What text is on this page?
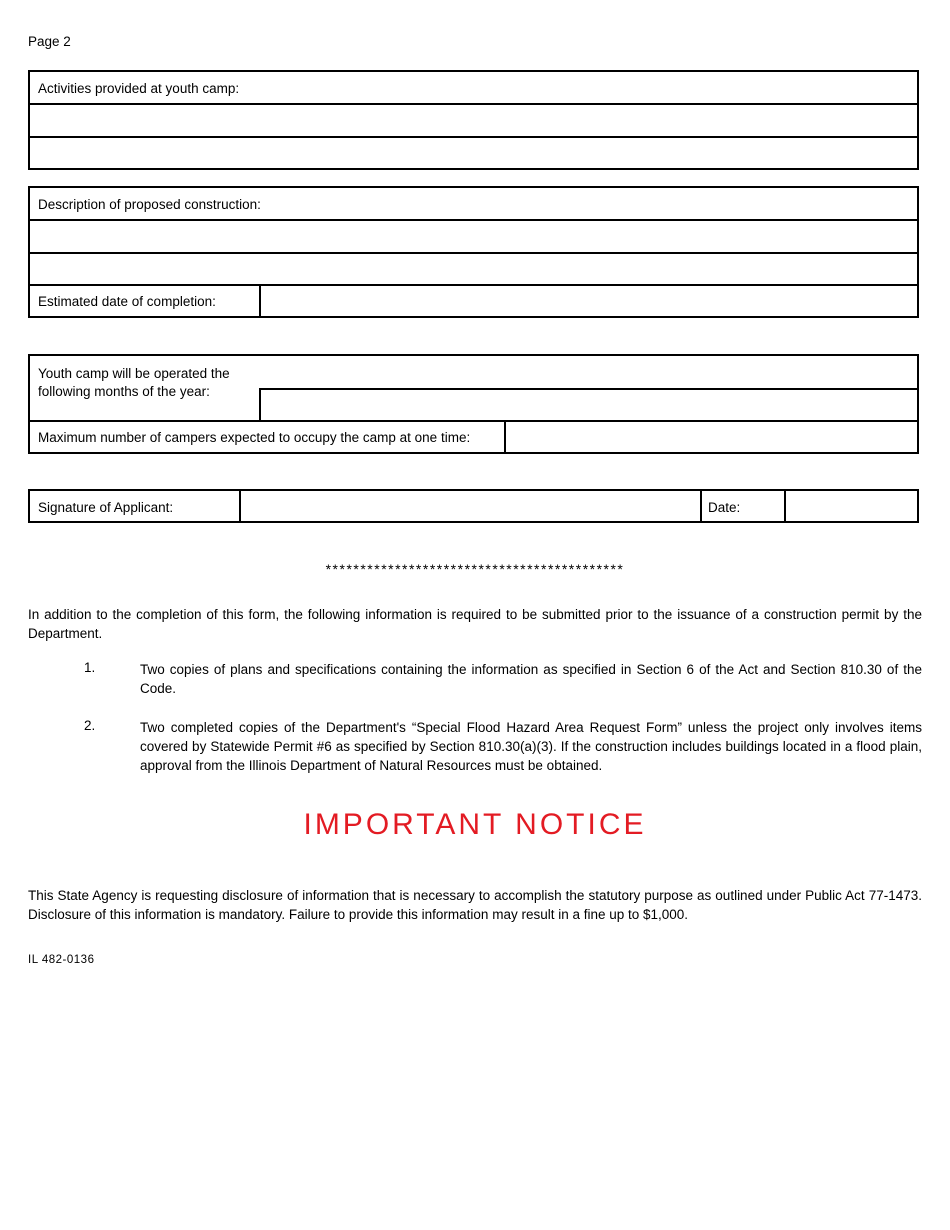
Page 2
Activities provided at youth camp:
Description of proposed construction:
Estimated date of completion:
Youth camp will be operated the following months of the year:
Maximum number of campers expected to occupy the camp at one time:
Signature of Applicant:	Date:
*******************************************
In addition to the completion of this form, the following information is required to be submitted prior to the issuance of a construction permit by the Department.
1.	Two copies of plans and specifications containing the information as specified in Section 6 of the Act and Section 810.30 of the Code.
2.	Two completed copies of the Department's “Special Flood Hazard Area Request Form” unless the project only involves items covered by Statewide Permit #6 as specified by Section 810.30(a)(3). If the construction includes buildings located in a flood plain, approval from the Illinois Department of Natural Resources must be obtained.
IMPORTANT NOTICE
This State Agency is requesting disclosure of information that is necessary to accomplish the statutory purpose as outlined under Public Act 77-1473. Disclosure of this information is mandatory. Failure to provide this information may result in a fine up to $1,000.
IL 482-0136
